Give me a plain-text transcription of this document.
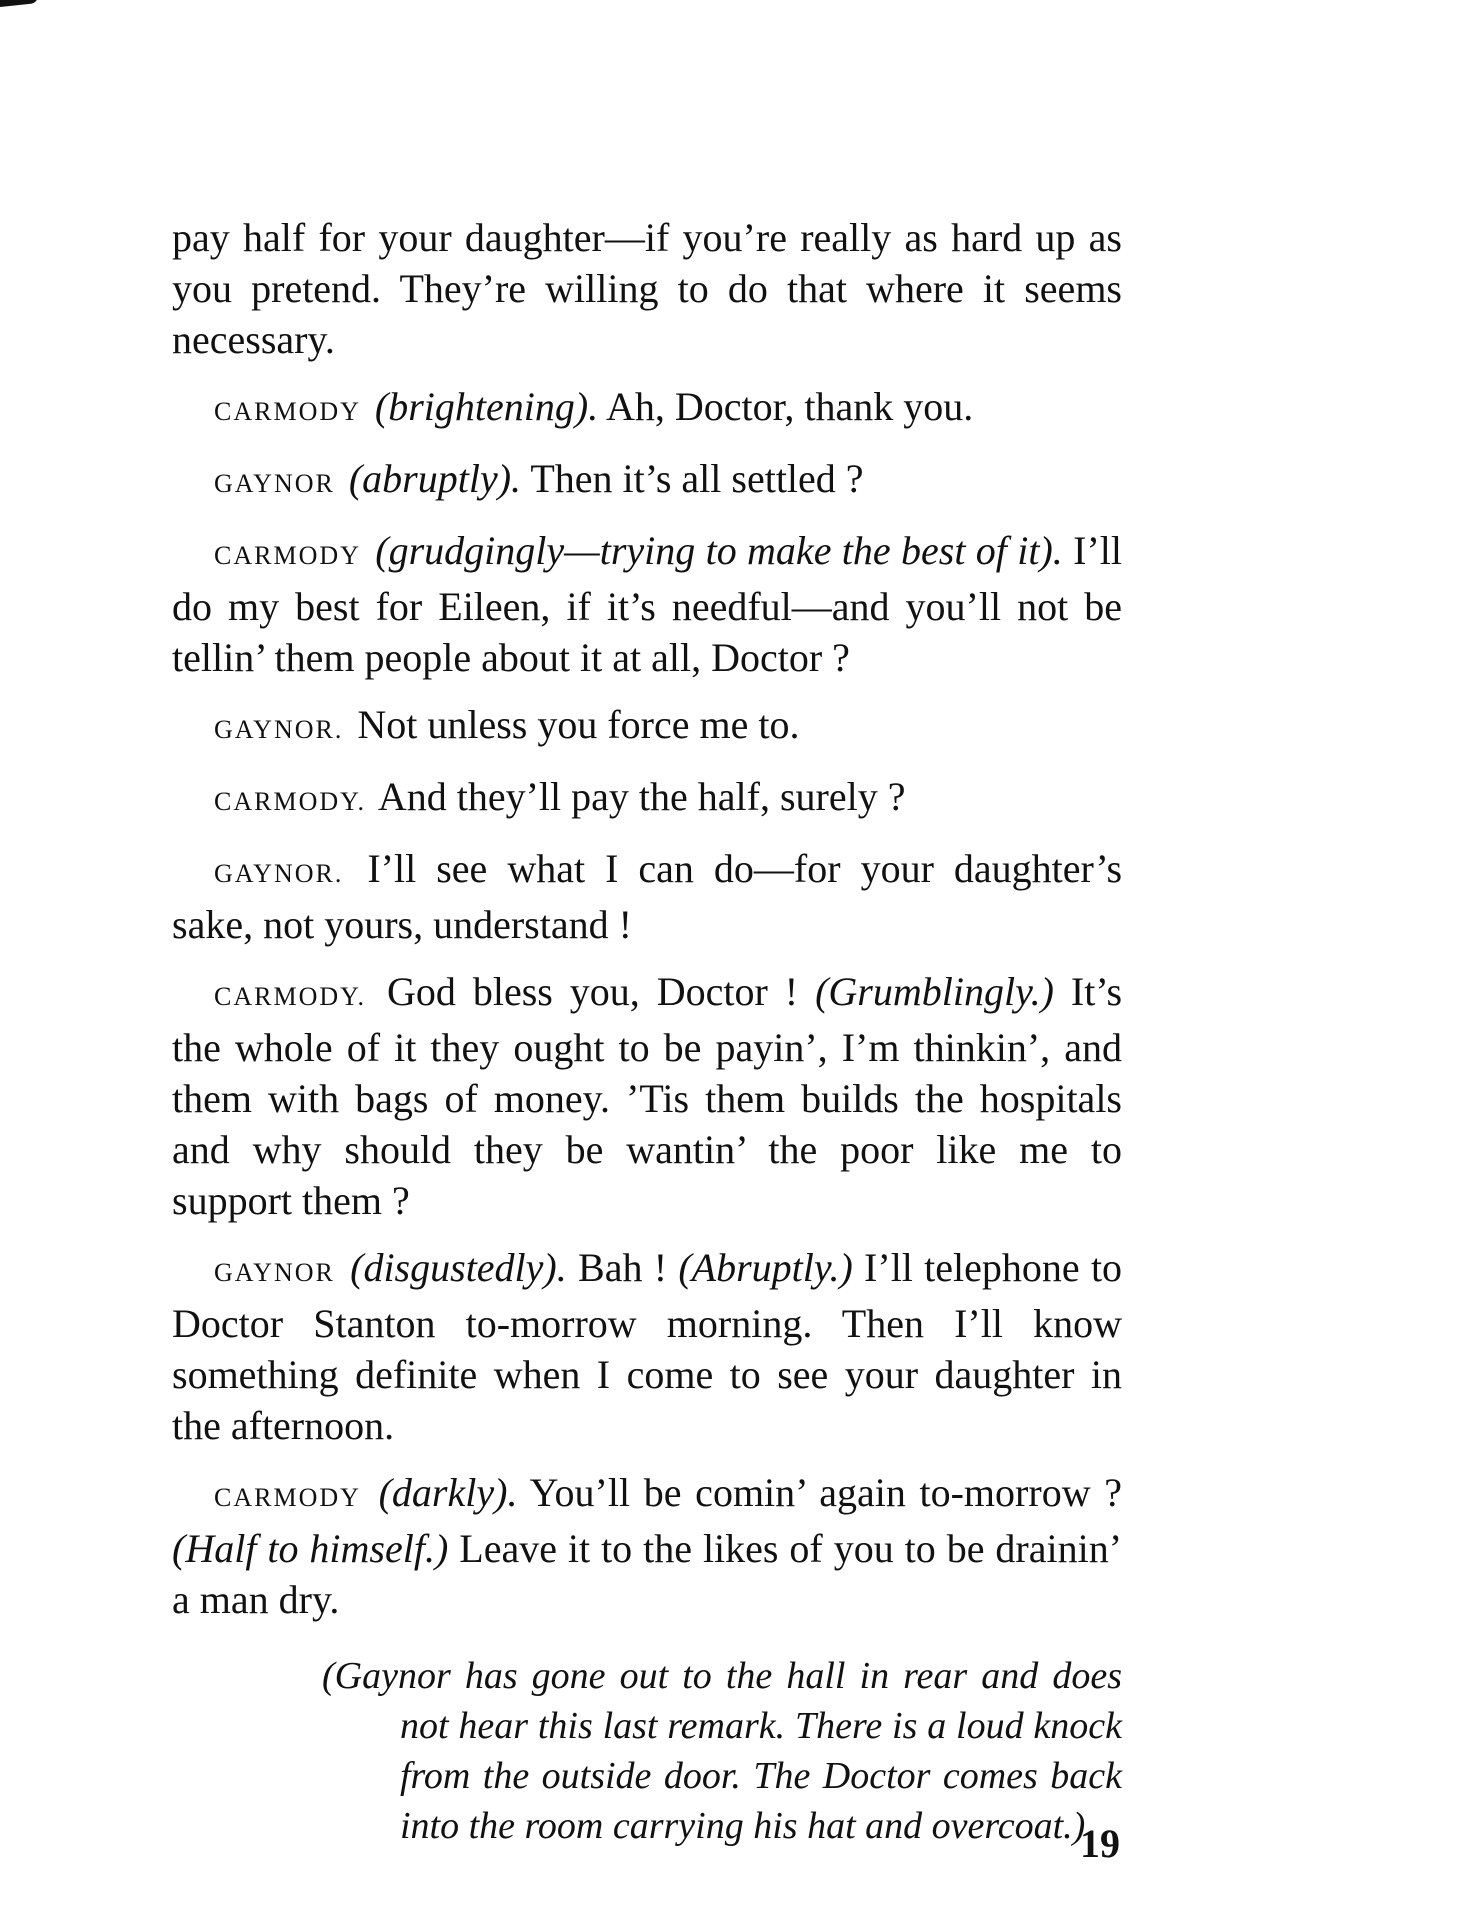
pay half for your daughter—if you’re really as hard up as you pretend. They’re willing to do that where it seems necessary.

CARMODY (brightening). Ah, Doctor, thank you.

GAYNOR (abruptly). Then it’s all settled ?

CARMODY (grudgingly—trying to make the best of it). I’ll do my best for Eileen, if it’s needful—and you’ll not be tellin’ them people about it at all, Doctor ?

GAYNOR. Not unless you force me to.

CARMODY. And they’ll pay the half, surely ?

GAYNOR. I’ll see what I can do—for your daughter’s sake, not yours, understand !

CARMODY. God bless you, Doctor ! (Grumblingly.) It’s the whole of it they ought to be payin’, I’m thinkin’, and them with bags of money. ’Tis them builds the hospitals and why should they be wantin’ the poor like me to support them ?

GAYNOR (disgustedly). Bah ! (Abruptly.) I’ll telephone to Doctor Stanton to-morrow morning. Then I’ll know something definite when I come to see your daughter in the afternoon.

CARMODY (darkly). You’ll be comin’ again to-morrow ? (Half to himself.) Leave it to the likes of you to be drainin’ a man dry.

(Gaynor has gone out to the hall in rear and does not hear this last remark. There is a loud knock from the outside door. The Doctor comes back into the room carrying his hat and overcoat.)

19
